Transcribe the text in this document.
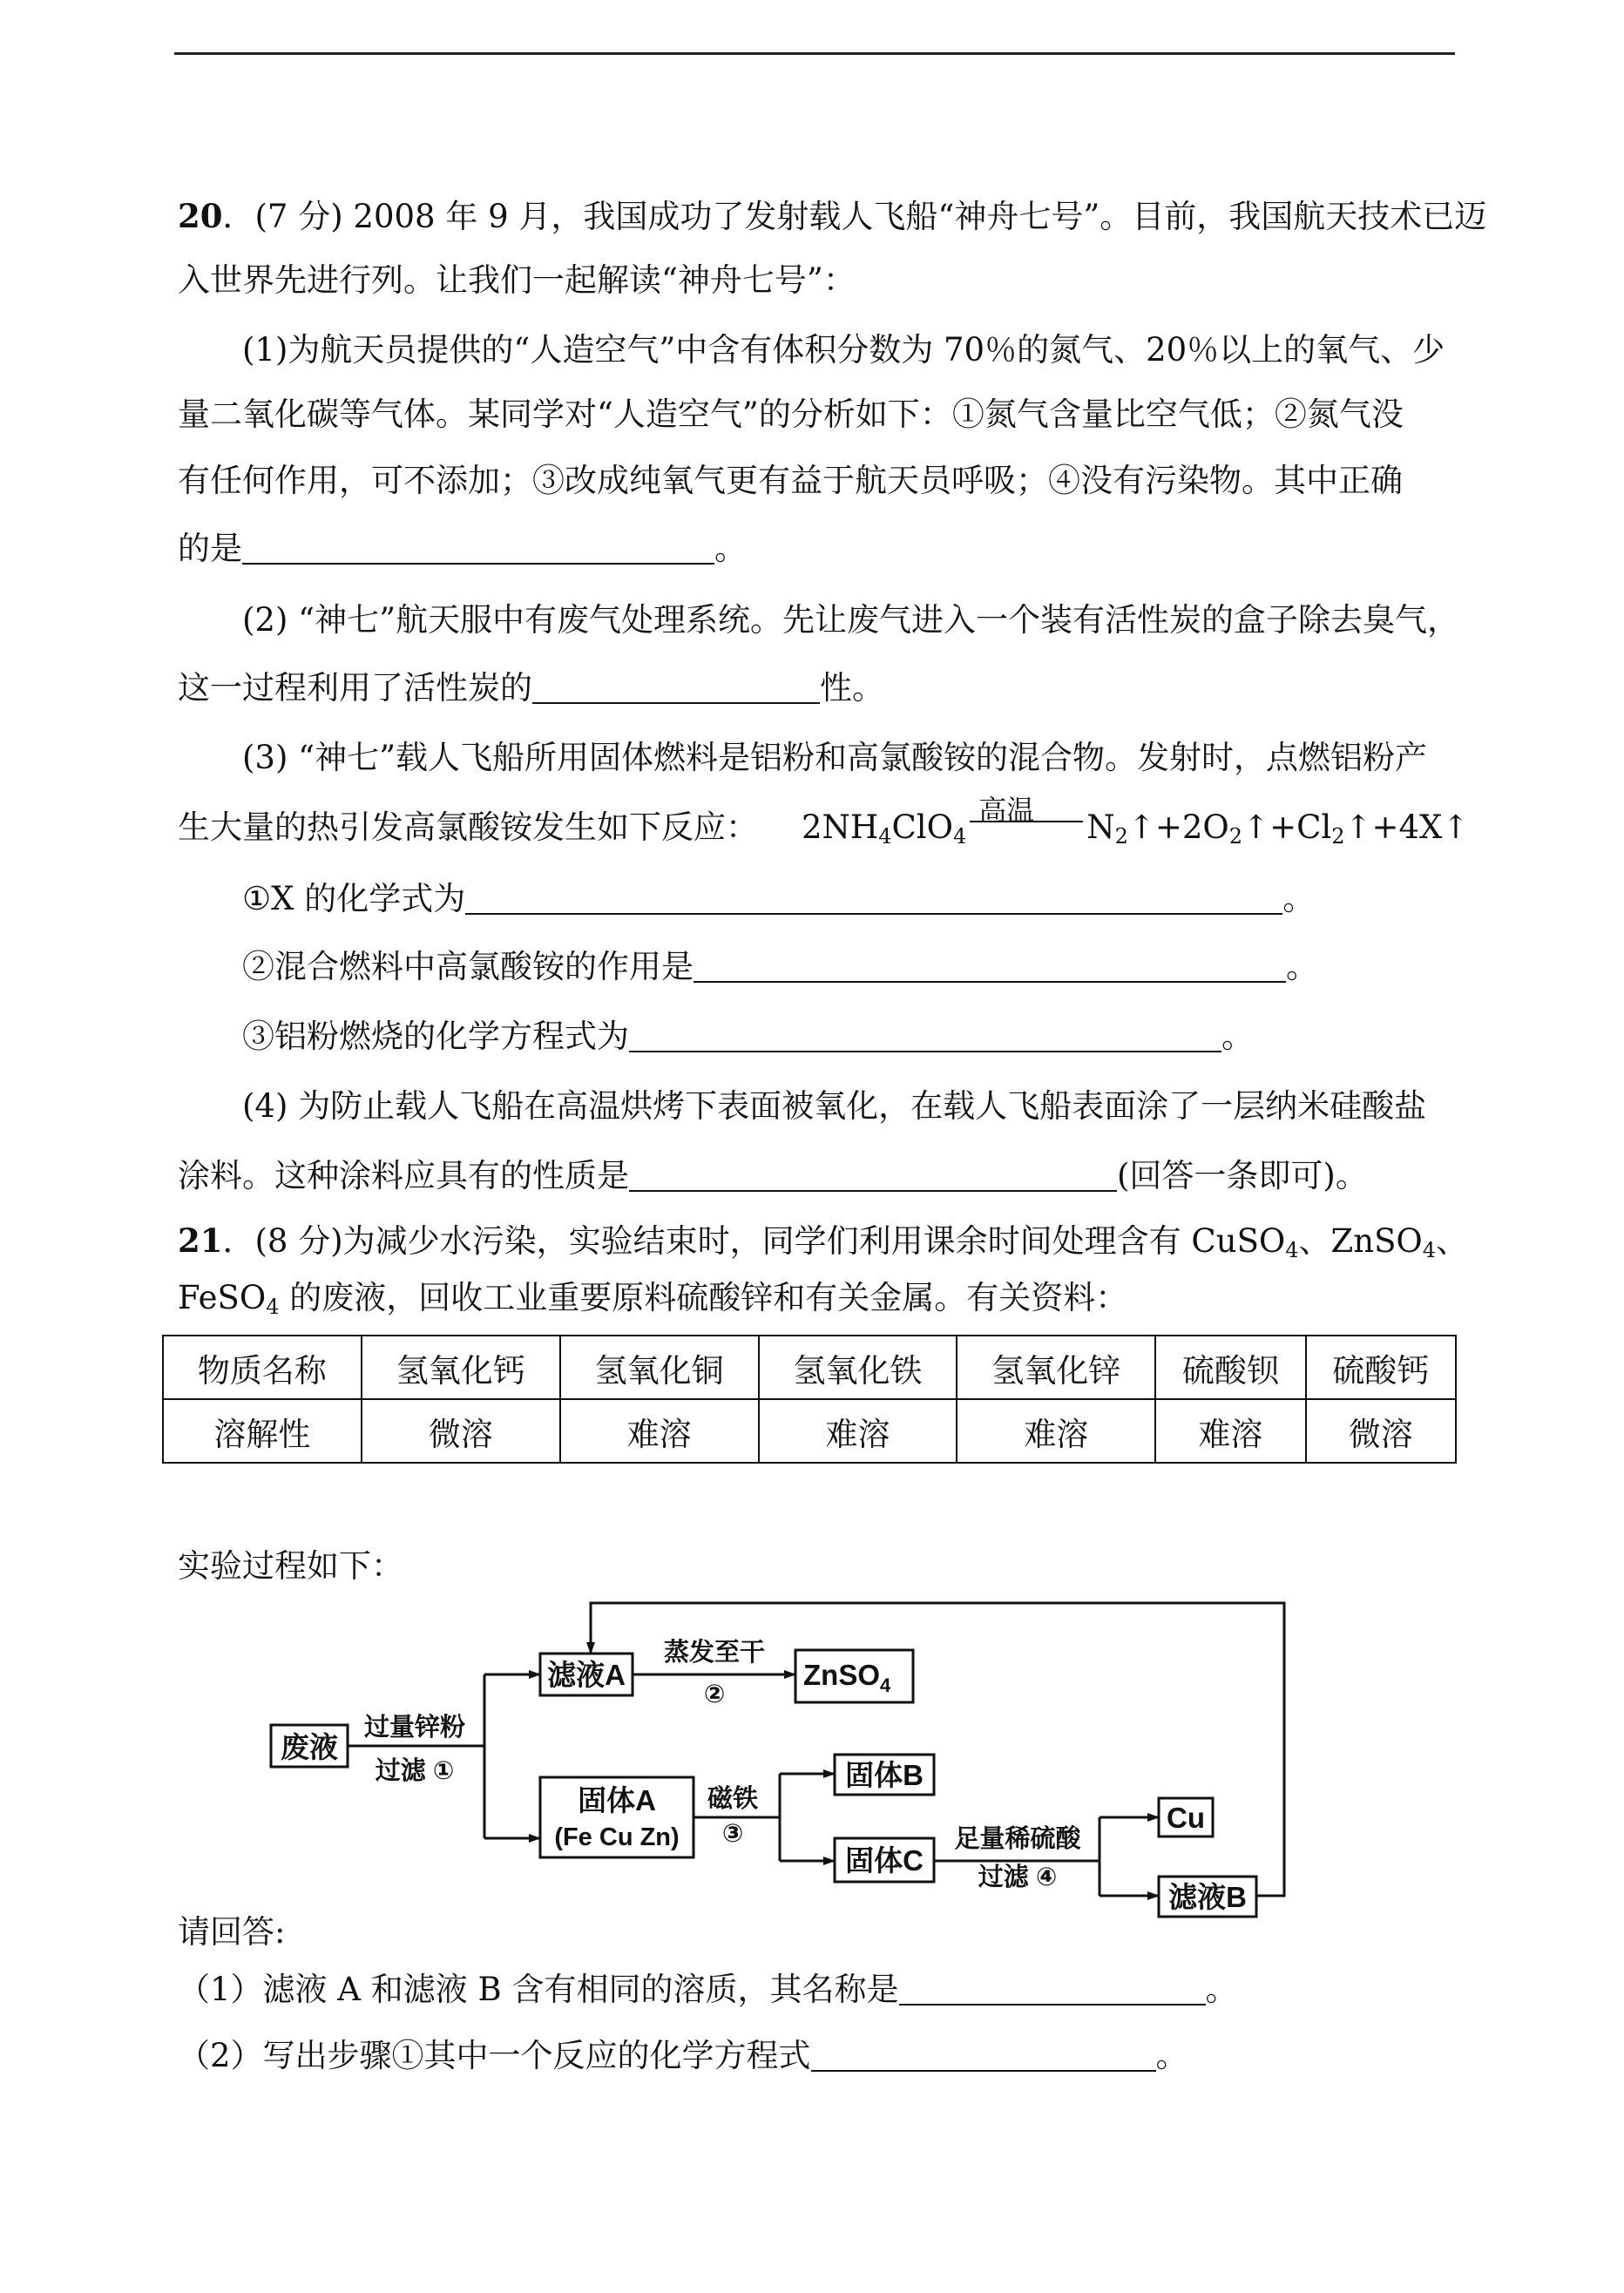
20．(7 分) 2008 年 9 月，我国成功了发射载人飞船“神舟七号”。目前，我国航天技术已迈
入世界先进行列。让我们一起解读“神舟七号”：
(1)为航天员提供的“人造空气”中含有体积分数为 70％的氮气、20％以上的氧气、少
量二氧化碳等气体。某同学对“人造空气”的分析如下：①氮气含量比空气低；②氮气没
有任何作用，可不添加；③改成纯氧气更有益于航天员呼吸；④没有污染物。其中正确
的是	。
(2) “神七”航天服中有废气处理系统。先让废气进入一个装有活性炭的盒子除去臭气，
这一过程利用了活性炭的	性。
(3) “神七”载人飞船所用固体燃料是铝粉和高氯酸铵的混合物。发射时，点燃铝粉产
生大量的热引发高氯酸铵发生如下反应： $2NH_4ClO_4$
高温 $N_2↑+2O_2↑+Cl_2↑+4X↑$
①X 的化学式为	。
②混合燃料中高氯酸铵的作用是	。
③铝粉燃烧的化学方程式为	。
(4) 为防止载人飞船在高温烘烤下表面被氧化，在载人飞船表面涂了一层纳米硅酸盐
涂料。这种涂料应具有的性质是	(回答一条即可)。
21．(8 分)为减少水污染，实验结束时，同学们利用课余时间处理含有 CuSO$_4$、ZnSO$_4$、
FeSO$_4$ 的废液，回收工业重要原料硫酸锌和有关金属。有关资料：
物质名称	氢氧化钙	氢氧化铜	氢氧化铁	氢氧化锌	硫酸钡	硫酸钙
溶解性	微溶	难溶	难溶	难溶	难溶	微溶
实验过程如下：
废液
过量锌粉
过滤 ①
滤液A
蒸发至干
②
ZnSO$_4$
固体A
(Fe Cu Zn)
磁铁
③
固体B
固体C
足量稀硫酸
过滤 ④
Cu
滤液B
请回答:
（1）滤液 A 和滤液 B 含有相同的溶质，其名称是	。
（2）写出步骤①其中一个反应的化学方程式	。
